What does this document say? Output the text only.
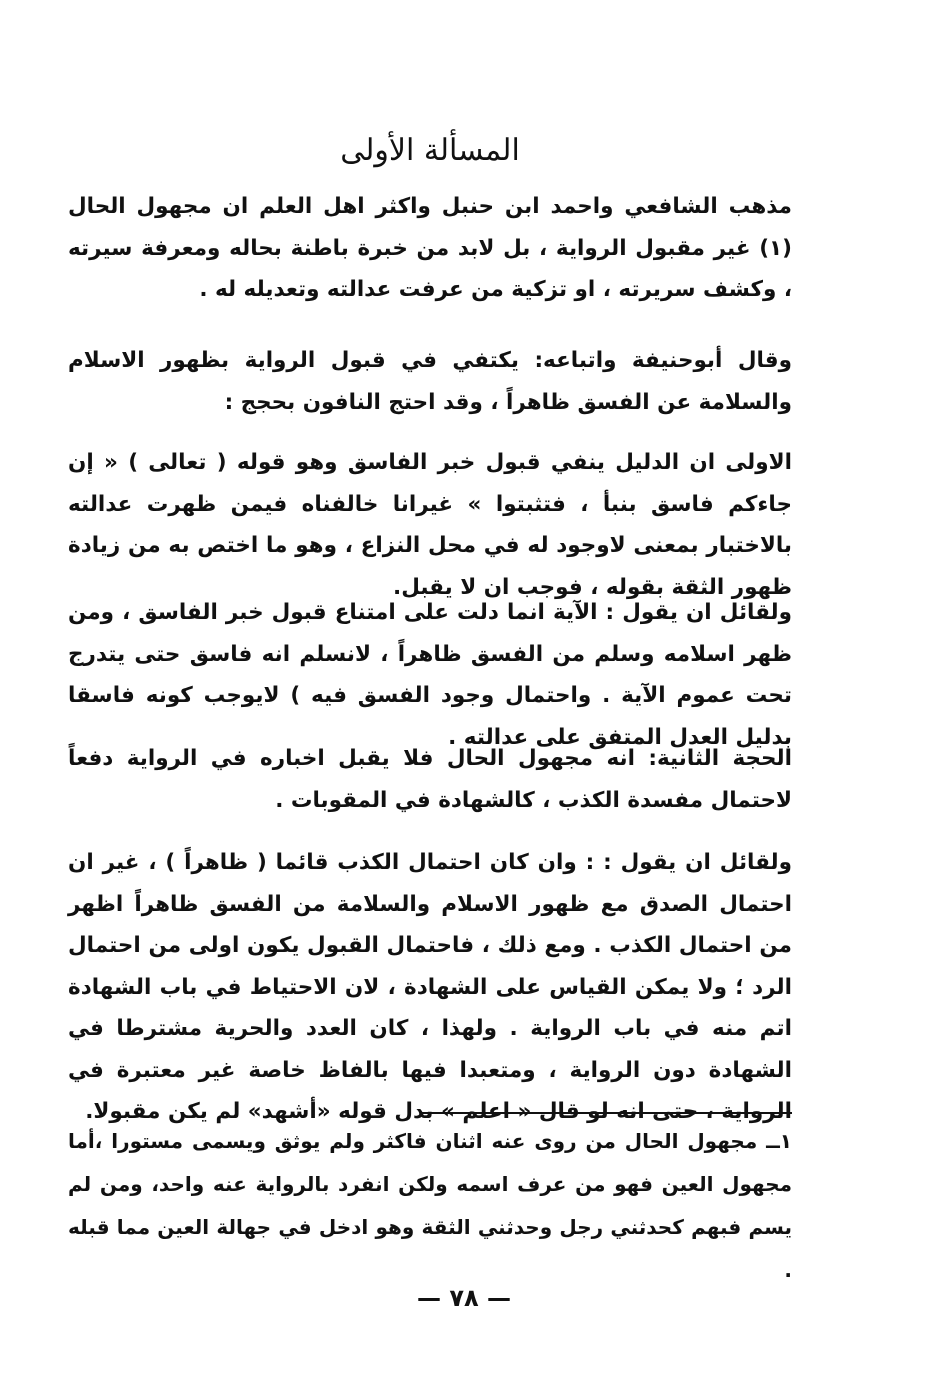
المسألة الأولى

مذهب الشافعي واحمد ابن حنبل واكثر اهل العلم ان مجهول الحال (١) غير مقبول الرواية ، بل لابد من خبرة باطنة بحاله ومعرفة سيرته ، وكشف سريرته ، او تزكية من عرفت عدالته وتعديله له .

وقال أبوحنيفة واتباعه: يكتفي في قبول الرواية بظهور الاسلام والسلامة عن الفسق ظاهراً ، وقد احتج النافون بحجج :

الاولى ان الدليل ينفي قبول خبر الفاسق وهو قوله ( تعالى ) « إن جاءكم فاسق بنبأ ، فتثبتوا » غيرانا خالفناه فيمن ظهرت عدالته بالاختبار بمعنى لاوجود له في محل النزاع ، وهو ما اختص به من زيادة ظهور الثقة بقوله ، فوجب ان لا يقبل.

ولقائل ان يقول : الآية انما دلت على امتناع قبول خبر الفاسق ، ومن ظهر اسلامه وسلم من الفسق ظاهراً ، لانسلم انه فاسق حتى يتدرج تحت عموم الآية . واحتمال وجود الفسق فيه ) لايوجب كونه فاسقا بدليل العدل المتفق على عدالته .

الحجة الثانية: انه مجهول الحال فلا يقبل اخباره في الرواية دفعاً لاحتمال مفسدة الكذب ، كالشهادة في المقوبات .

ولقائل ان يقول : : وان كان احتمال الكذب قائما ( ظاهراً ) ، غير ان احتمال الصدق مع ظهور الاسلام والسلامة من الفسق ظاهراً اظهر من احتمال الكذب . ومع ذلك ، فاحتمال القبول يكون اولى من احتمال الرد ؛ ولا يمكن القياس على الشهادة ، لان الاحتياط في باب الشهادة اتم منه في باب الرواية . ولهذا ، كان العدد والحرية مشترطا في الشهادة دون الرواية ، ومتعبدا فيها بالفاظ خاصة غير معتبرة في الرواية ، حتى انه لو قال « اعلم » بدل قوله «أشهد» لم يكن مقبولا.

١ــ مجهول الحال من روى عنه اثنان فاكثر ولم يوثق ويسمى مستورا ،أما مجهول العين فهو من عرف اسمه ولكن انفرد بالرواية عنه واحد، ومن لم يسم فبهم كحدثني رجل وحدثني الثقة وهو ادخل في جهالة العين مما قبله .

— ٧٨ —
